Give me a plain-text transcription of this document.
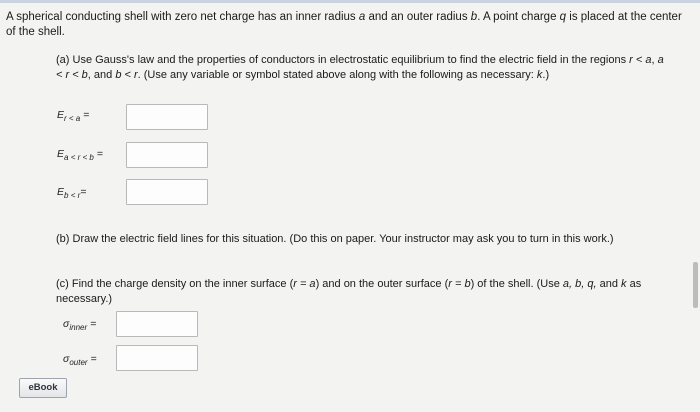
A spherical conducting shell with zero net charge has an inner radius a and an outer radius b. A point charge q is placed at the center of the shell.
(a) Use Gauss's law and the properties of conductors in electrostatic equilibrium to find the electric field in the regions r < a, a < r < b, and b < r. (Use any variable or symbol stated above along with the following as necessary: k.)
$E_{r < a}$ =
$E_{a < r < b}$ =
$E_{b < r}=$
(b) Draw the electric field lines for this situation. (Do this on paper. Your instructor may ask you to turn in this work.)
(c) Find the charge density on the inner surface (r = a) and on the outer surface (r = b) of the shell. (Use a, b, q, and k as necessary.)
$\sigma_{inner}$ =
$\sigma_{outer}$ =
eBook
